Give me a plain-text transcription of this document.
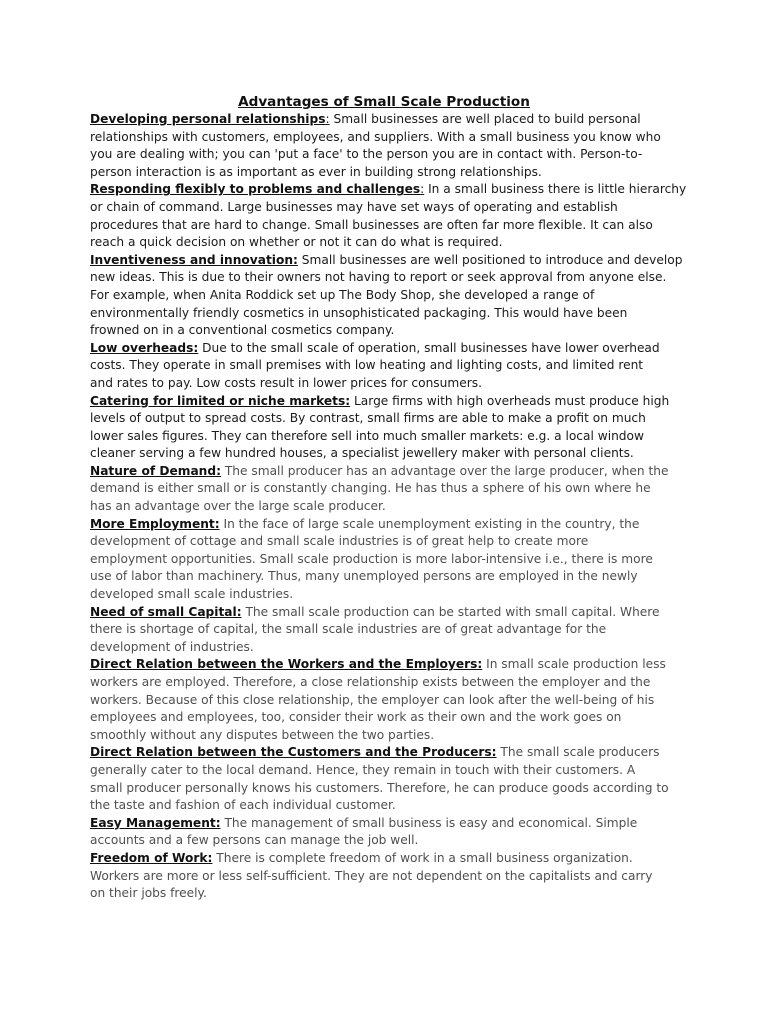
Advantages of Small Scale Production

Developing personal relationships: Small businesses are well placed to build personal
relationships with customers, employees, and suppliers. With a small business you know who
you are dealing with; you can 'put a face' to the person you are in contact with. Person-to-
person interaction is as important as ever in building strong relationships.

Responding flexibly to problems and challenges: In a small business there is little hierarchy
or chain of command. Large businesses may have set ways of operating and establish
procedures that are hard to change. Small businesses are often far more flexible. It can also
reach a quick decision on whether or not it can do what is required.

Inventiveness and innovation: Small businesses are well positioned to introduce and develop
new ideas. This is due to their owners not having to report or seek approval from anyone else.
For example, when Anita Roddick set up The Body Shop, she developed a range of
environmentally friendly cosmetics in unsophisticated packaging. This would have been
frowned on in a conventional cosmetics company.

Low overheads: Due to the small scale of operation, small businesses have lower overhead
costs. They operate in small premises with low heating and lighting costs, and limited rent
and rates to pay. Low costs result in lower prices for consumers.

Catering for limited or niche markets: Large firms with high overheads must produce high
levels of output to spread costs. By contrast, small firms are able to make a profit on much
lower sales figures. They can therefore sell into much smaller markets: e.g. a local window
cleaner serving a few hundred houses, a specialist jewellery maker with personal clients.

Nature of Demand: The small producer has an advantage over the large producer, when the
demand is either small or is constantly changing. He has thus a sphere of his own where he
has an advantage over the large scale producer.

More Employment: In the face of large scale unemployment existing in the country, the
development of cottage and small scale industries is of great help to create more
employment opportunities. Small scale production is more labor-intensive i.e., there is more
use of labor than machinery. Thus, many unemployed persons are employed in the newly
developed small scale industries.

Need of small Capital: The small scale production can be started with small capital. Where
there is shortage of capital, the small scale industries are of great advantage for the
development of industries.

Direct Relation between the Workers and the Employers: In small scale production less
workers are employed. Therefore, a close relationship exists between the employer and the
workers. Because of this close relationship, the employer can look after the well-being of his
employees and employees, too, consider their work as their own and the work goes on
smoothly without any disputes between the two parties.

Direct Relation between the Customers and the Producers: The small scale producers
generally cater to the local demand. Hence, they remain in touch with their customers. A
small producer personally knows his customers. Therefore, he can produce goods according to
the taste and fashion of each individual customer.

Easy Management: The management of small business is easy and economical. Simple
accounts and a few persons can manage the job well.

Freedom of Work: There is complete freedom of work in a small business organization.
Workers are more or less self-sufficient. They are not dependent on the capitalists and carry
on their jobs freely.
